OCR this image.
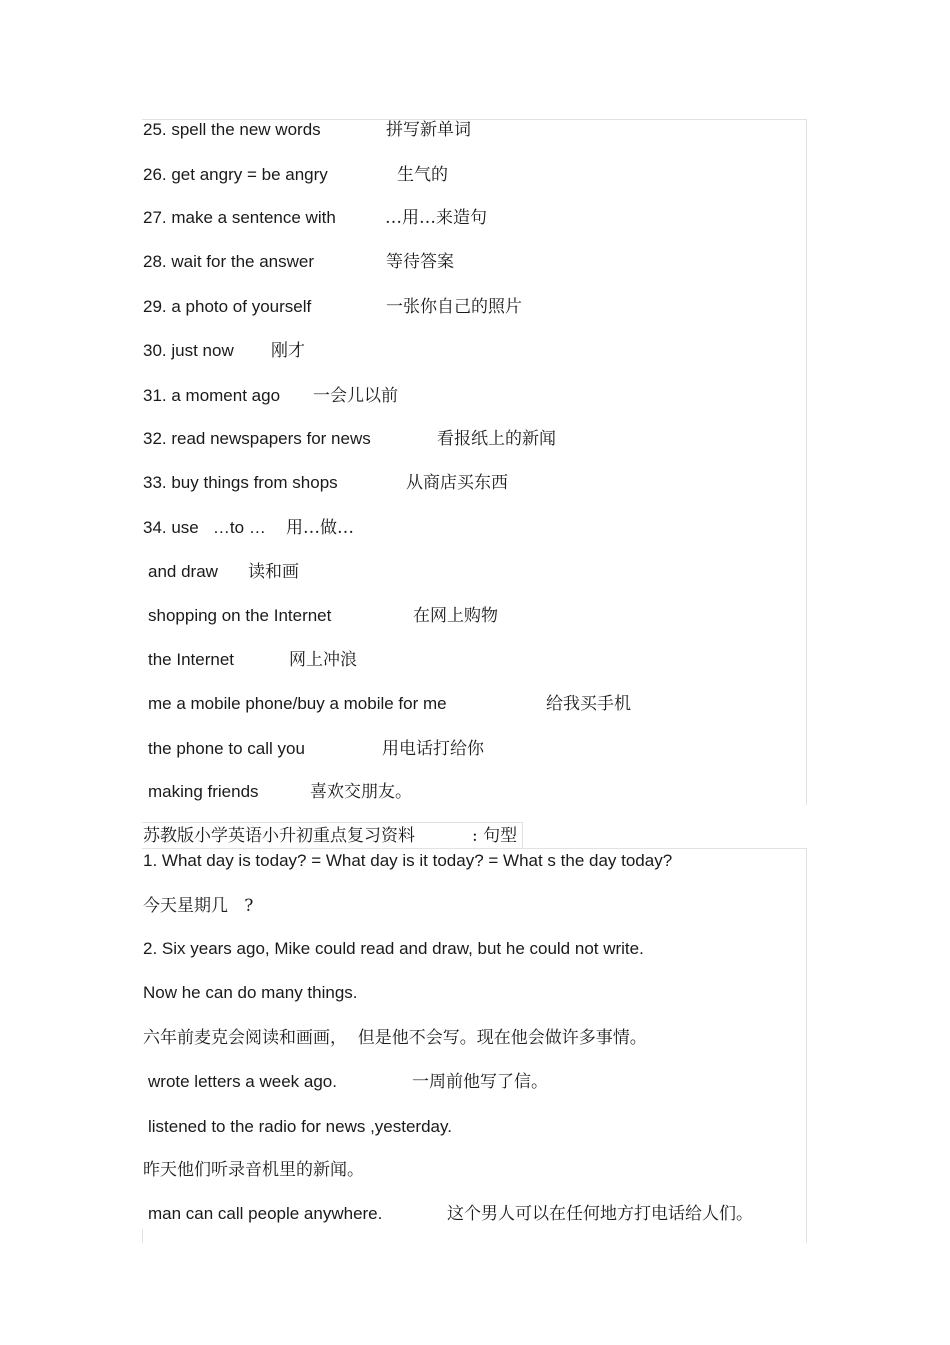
25. spell the new words	拼写新单词
26. get angry = be angry	生气的
27. make a sentence with	…用…来造句
28. wait for the answer	等待答案
29. a photo of yourself	一张你自己的照片
30. just now 刚才
31. a moment ago 一会儿以前
32. read newspapers for news	看报纸上的新闻
33. buy things from shops	从商店买东西
34. use   …to … 用…做…
and draw 读和画
shopping on the Internet	在网上购物
the Internet	网上冲浪
me a mobile phone/buy a mobile for me	给我买手机
the phone to call you	用电话打给你
making friends	喜欢交朋友。
苏教版小学英语小升初重点复习资料	: 句型
1. What day is today? = What day is it today? = What s the day today?
今天星期几   ?
2. Six years ago, Mike could read and draw, but he could not write.
Now he can do many things.
六年前麦克会阅读和画画，  但是他不会写。现在他会做许多事情。
wrote letters a week ago.	一周前他写了信。
listened to the radio for news ,yesterday.
昨天他们听录音机里的新闻。
man can call people anywhere.	这个男人可以在任何地方打电话给人们。
